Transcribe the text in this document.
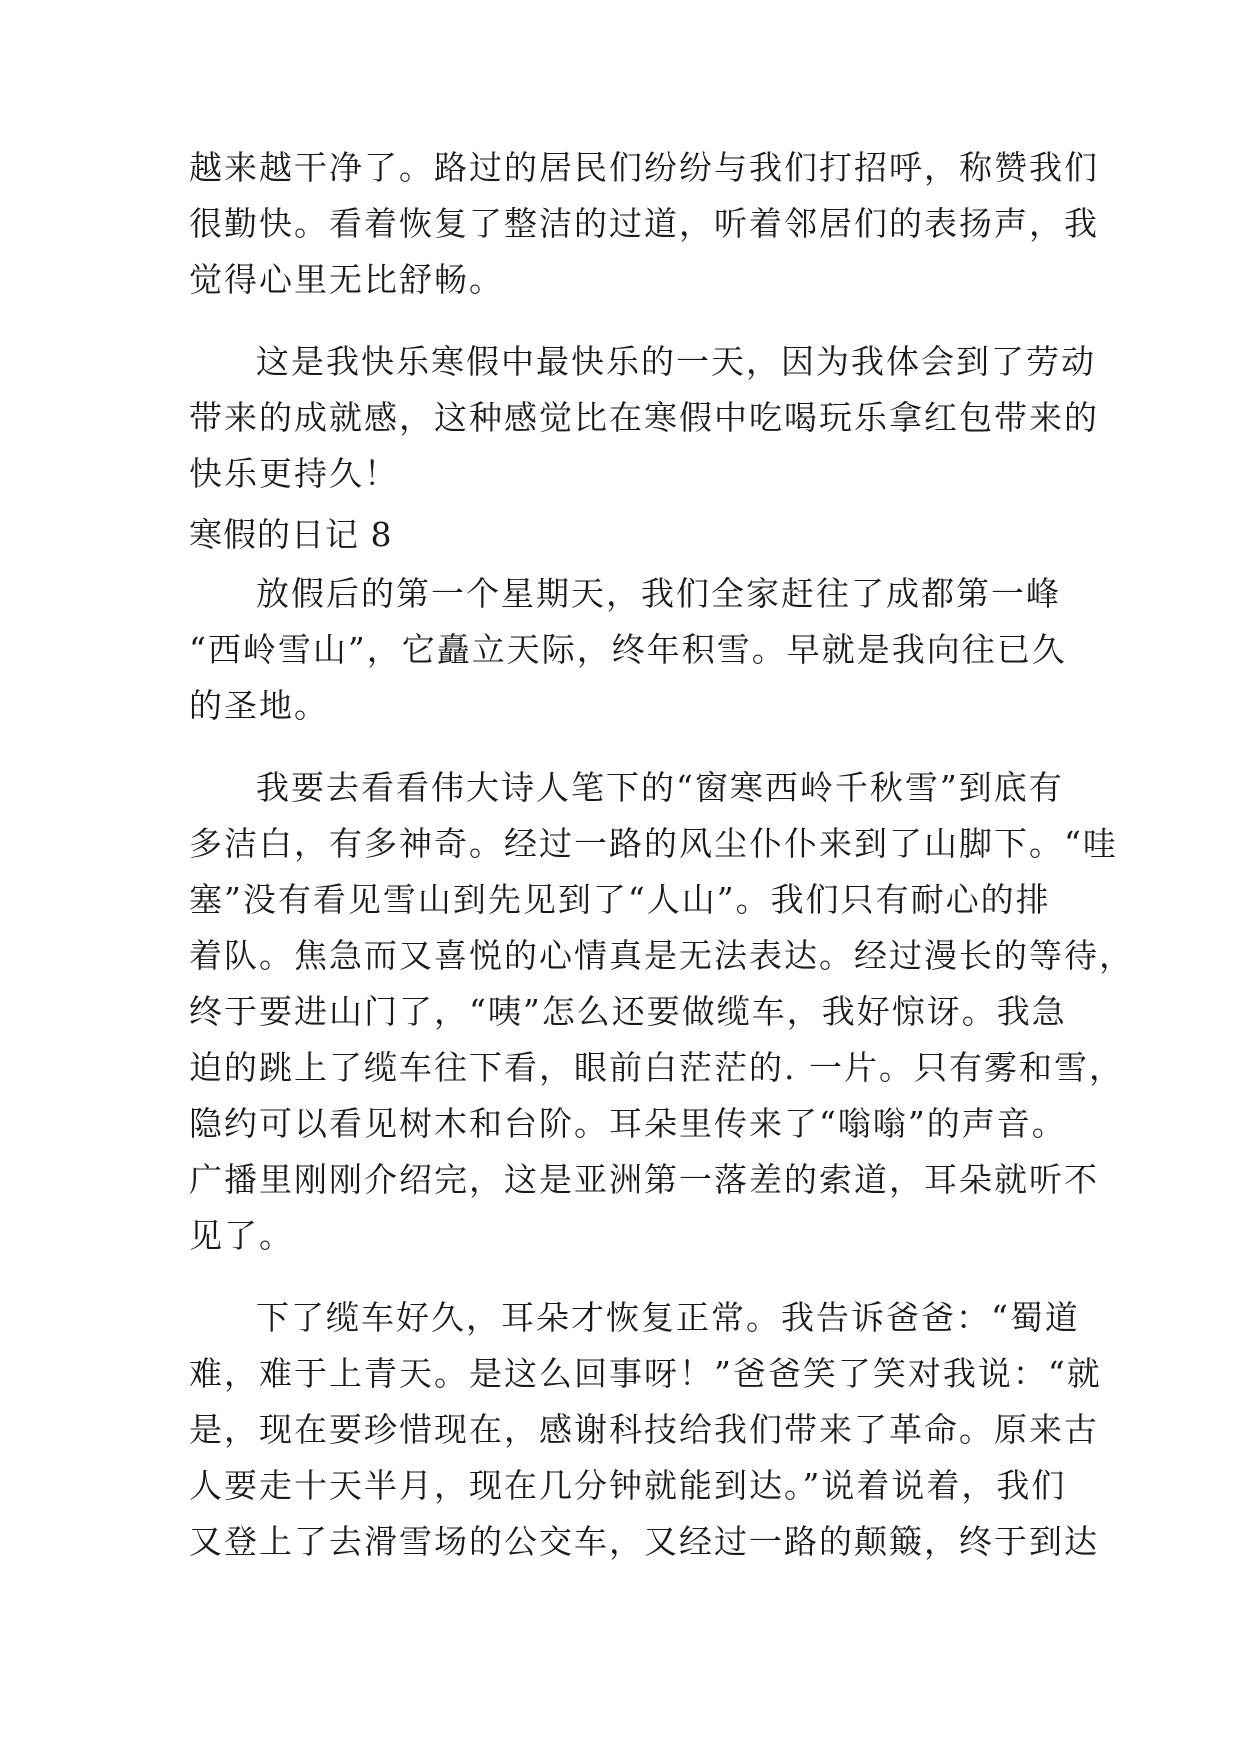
越来越干净了。路过的居民们纷纷与我们打招呼，称赞我们
很勤快。看着恢复了整洁的过道，听着邻居们的表扬声，我
觉得心里无比舒畅。
这是我快乐寒假中最快乐的一天，因为我体会到了劳动
带来的成就感，这种感觉比在寒假中吃喝玩乐拿红包带来的
快乐更持久！
寒假的日记 8
放假后的第一个星期天，我们全家赶往了成都第一峰
“西岭雪山”，它矗立天际，终年积雪。早就是我向往已久
的圣地。
我要去看看伟大诗人笔下的“窗寒西岭千秋雪”到底有
多洁白，有多神奇。经过一路的风尘仆仆来到了山脚下。“哇
塞”没有看见雪山到先见到了“人山”。我们只有耐心的排
着队。焦急而又喜悦的心情真是无法表达。经过漫长的等待，
终于要进山门了，“咦”怎么还要做缆车，我好惊讶。我急
迫的跳上了缆车往下看，眼前白茫茫的. 一片。只有雾和雪，
隐约可以看见树木和台阶。耳朵里传来了“嗡嗡”的声音。
广播里刚刚介绍完，这是亚洲第一落差的索道，耳朵就听不
见了。
下了缆车好久，耳朵才恢复正常。我告诉爸爸：“蜀道
难，难于上青天。是这么回事呀！”爸爸笑了笑对我说：“就
是，现在要珍惜现在，感谢科技给我们带来了革命。原来古
人要走十天半月，现在几分钟就能到达。”说着说着，我们
又登上了去滑雪场的公交车，又经过一路的颠簸，终于到达
